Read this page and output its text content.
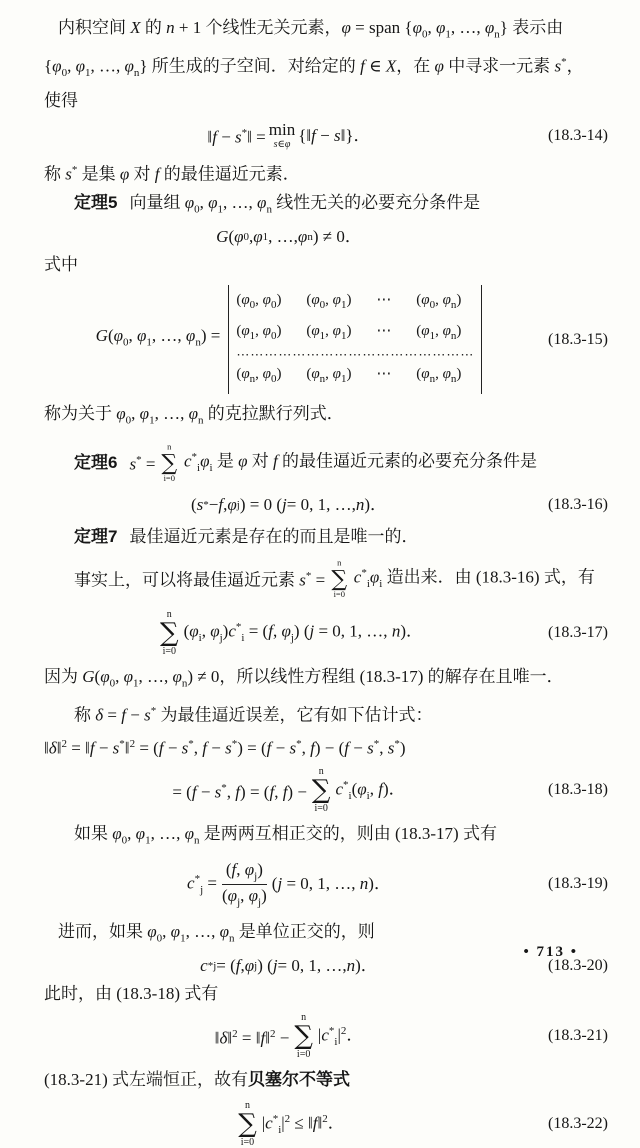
内积空间 X 的 n + 1 个线性无关元素，φ = span {$\varphi_0$, $\varphi_1$, …, $\varphi_n$} 表示由
{$\varphi_0$, $\varphi_1$, …, $\varphi_n$} 所生成的子空间．对给定的 f ∈ X，在 φ 中寻求一元素 s*，
使得
‖f − s*‖ = min
s∈φ {‖f − s‖}．	(18.3-14)
称 s* 是集 φ 对 f 的最佳逼近元素．
定理5 向量组 $\varphi_0$, $\varphi_1$, …, $\varphi_n$ 线性无关的必要充分条件是
G ( φ 0 , φ 1 , …, φ n ) ≠ 0．
式中
$G(\varphi_0$, $\varphi_1$, …, $\varphi_n$) =
($\varphi_0$, $\varphi_0$)	($\varphi_0$, $\varphi_1$)	⋯	($\varphi_0$, $\varphi_n$)
($\varphi_1$, $\varphi_0$)	($\varphi_1$, $\varphi_1$)	⋯	($\varphi_1$, $\varphi_n$)
⋯⋯⋯⋯⋯⋯⋯⋯⋯⋯⋯⋯⋯⋯⋯⋯⋯
($\varphi_n$, $\varphi_0$)	($\varphi_n$, $\varphi_1$)	⋯	($\varphi_n$, $\varphi_n$)
(18.3-15)
称为关于 $\varphi_0$, $\varphi_1$, …, $\varphi_n$ 的克拉默行列式．
定理6 s* =
n
∑
i=0
$c^*_i\varphi_i$ 是 φ 对 f 的最佳逼近元素的必要充分条件是
( s * − f , φ j ) = 0 ( j = 0, 1, …, n )．	(18.3-16)
定理7 最佳逼近元素是存在的而且是唯一的．
事实上，可以将最佳逼近元素 s* =
n
∑
i=0
$c^*_i\varphi_i$ 造出来．由 (18.3-16) 式，有
n
∑
i=0
($\varphi_i$, $\varphi_j)c^*_i = (f$, $\varphi_j$) (j = 0, 1, …, n)．	(18.3-17)
因为 $G(\varphi_0$, $\varphi_1$, …, $\varphi_n) \ne 0$，所以线性方程组 (18.3-17) 的解存在且唯一．
称 δ = f − s* 为最佳逼近误差，它有如下估计式：
‖δ‖$^2$ = ‖f − s*‖$^2$ = (f − s*, f − s*) = (f − s*, f) − (f − s*, s*)
= (f − s*, f) = (f, f) −
n
∑
i=0
$c^*_i(\varphi_i$, f)．	(18.3-18)
如果 $\varphi_0$, $\varphi_1$, …, $\varphi_n$ 是两两互相正交的，则由 (18.3-17) 式有
$c^*_j = \frac{(f, \varphi_j)}{(\varphi_j, \varphi_j)} (j = 0$, 1, …, n)．	(18.3-19)
进而，如果 $\varphi_0$, $\varphi_1$, …, $\varphi_n$ 是单位正交的，则
c * j = ( f , φ j ) ( j = 0, 1, …, n )．	(18.3-20)
此时，由 (18.3-18) 式有
‖δ‖$^2$ = ‖f‖$^2$ −
n
∑
i=0
$|c^*_i|^2$．	(18.3-21)
(18.3-21) 式左端恒正，故有贝塞尔不等式
n
∑
i=0
$|c^*_i|^2$ ≤ ‖f‖$^2$．	(18.3-22)
• 713 •
